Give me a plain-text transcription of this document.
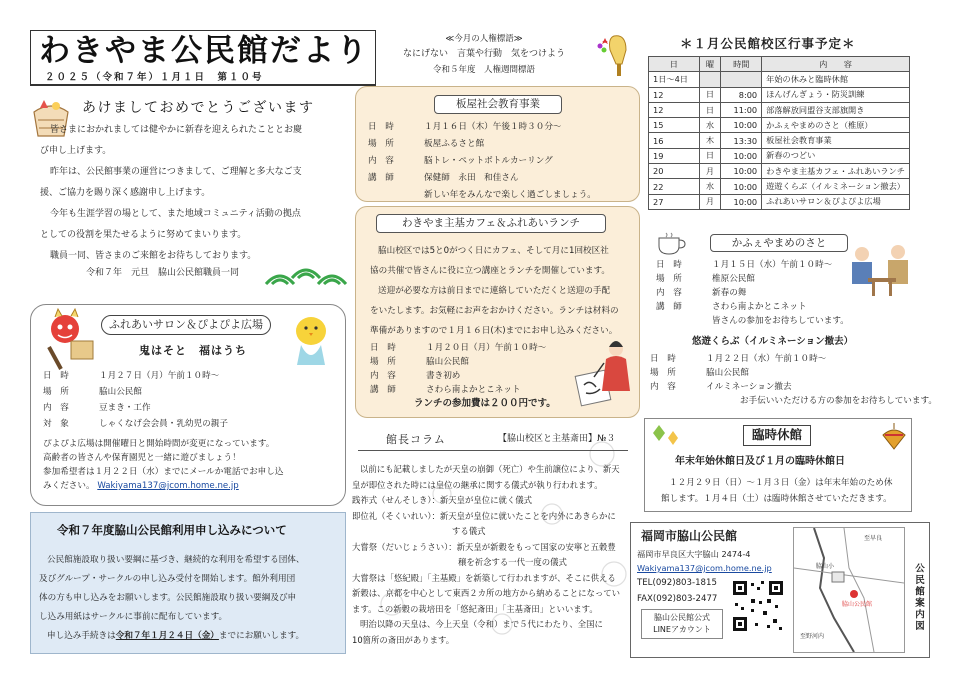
わきやま公民館だより
２０２５（令和７年）１月１日　第１０号
≪今月の人権標語≫
なにげない　言葉や行動　気をつけよう
令和５年度　人権週間標語
あけましておめでとうございます
皆さまにおかれましては健やかに新春を迎えられたこととお慶
び申し上げます。
昨年は、公民館事業の運営につきまして、ご理解と多大なご支
援、ご協力を賜り深く感謝申し上げます。
今年も生涯学習の場として、また地域コミュニティ活動の拠点
としての役割を果たせるように努めてまいります。
職員一同、皆さまのご来館をお待ちしております。
令和７年　元旦　脇山公民館職員一同
板屋社会教育事業
日　時	１月１６日（木）午後１時３０分～
場　所	板屋ふるさと館
内　容	脳トレ・ペットボトルカーリング
講　師	保健師　永田　和佳さん
新しい年をみんなで楽しく過ごしましょう。
わきやま主基カフェ＆ふれあいランチ
脇山校区では5と0がつく日にカフェ、そして月に1回校区社
協の共催で皆さんに役に立つ講座とランチを開催しています。
送迎が必要な方は前日までに連絡していただくと送迎の手配
をいたします。お気軽にお声をおかけください。ランチは材料の
準備がありますので１月１６日(木)までにお申し込みください。
日　時	１月２０日（月）午前１０時～
場　所	脇山公民館
内　容	書き初め
講　師	さわら南よかとこネット
ランチの参加費は２００円です。
ふれあいサロン＆ぴよぴよ広場
鬼はそと　福はうち
日　時	１月２７日（月）午前１０時～
場　所	脇山公民館
内　容	豆まき・工作
対　象	しゃくなげ会会員・乳幼児の親子
ぴよぴよ広場は開催曜日と開始時間が変更になっています。
高齢者の皆さんや保育園児と一緒に遊びましょう！
参加希望者は１月２２日（水）までにメールか電話でお申し込
みください。 Wakiyama137@jcom.home.ne.jp
令和７年度脇山公民館利用申し込みについて
公民館施設取り扱い要綱に基づき、継続的な利用を希望する団体、
及びグループ・サークルの申し込み受付を開始します。館外利用団
体の方も申し込みをお願いします。公民館施設取り扱い要綱及び申
し込み用紙はサークルに事前に配布しています。
申し込み手続きは令和７年１月２４日（金）までにお願いします。
館長コラム	【脇山校区と主基斎田】№３
以前にも記載しましたが天皇の崩御（死亡）や生前譲位により、新天
皇が即位された時には皇位の継承に関する儀式が執り行われます。
践祚式（せんそしき）：新天皇が皇位に就く儀式
即位礼（そくいれい）：新天皇が皇位に就いたことを内外にあきらかに
する儀式
大嘗祭（だいじょうさい）：新天皇が新穀をもって国家の安寧と五穀豊
穣を祈念する一代一度の儀式
大嘗祭は「悠紀殿」「主基殿」を新築して行われますが、そこに供える
新穀は、京都を中心として東西２カ所の地方から納めることになってい
ます。この新穀の栽培田を「悠紀斎田」「主基斎田」といいます。
明治以降の天皇は、今上天皇（令和）まで５代にわたり、全国に
10箇所の斎田があります。
＊１月公民館校区行事予定＊
日	曜	時間	内　　容
1日～4日			年始の休みと臨時休館
12	日	8:00	ほんげんぎょう・防災訓練
12	日	11:00	部落解放同盟谷支部旗開き
15	水	10:00	かふぇやまめのさと（椎原）
16	木	13:30	板屋社会教育事業
19	日	10:00	新春のつどい
20	月	10:00	わきやま主基カフェ・ふれあいランチ
22	水	10:00	遊遊くらぶ（イルミネーション撤去）
27	月	10:00	ふれあいサロン＆ぴよぴよ広場
かふぇやまめのさと
日　時	１月１５日（水）午前１０時～
場　所	椎原公民館
内　容	新春の舞
講　師	さわら南よかとこネット
皆さんの参加をお待ちしています。
悠遊くらぶ（イルミネーション撤去）
日　時	１月２２日（水）午前１０時～
場　所	脇山公民館
内　容	イルミネーション撤去
お手伝いいただける方の参加をお待ちしています。
臨時休館
年末年始休館日及び１月の臨時休館日
１２月２９日（日）～１月３日（金）は年末年始のため休
館します。１月４日（土）は臨時休館させていただきます。
福岡市脇山公民館
福岡市早良区大字脇山 2474-4
Wakiyama137@jcom.home.ne.jp
TEL(092)803-1815
FAX(092)803-2477
脇山公民館公式LINEアカウント
脇山小
脇山公民館
至野河内
至早良
公民館案内図
